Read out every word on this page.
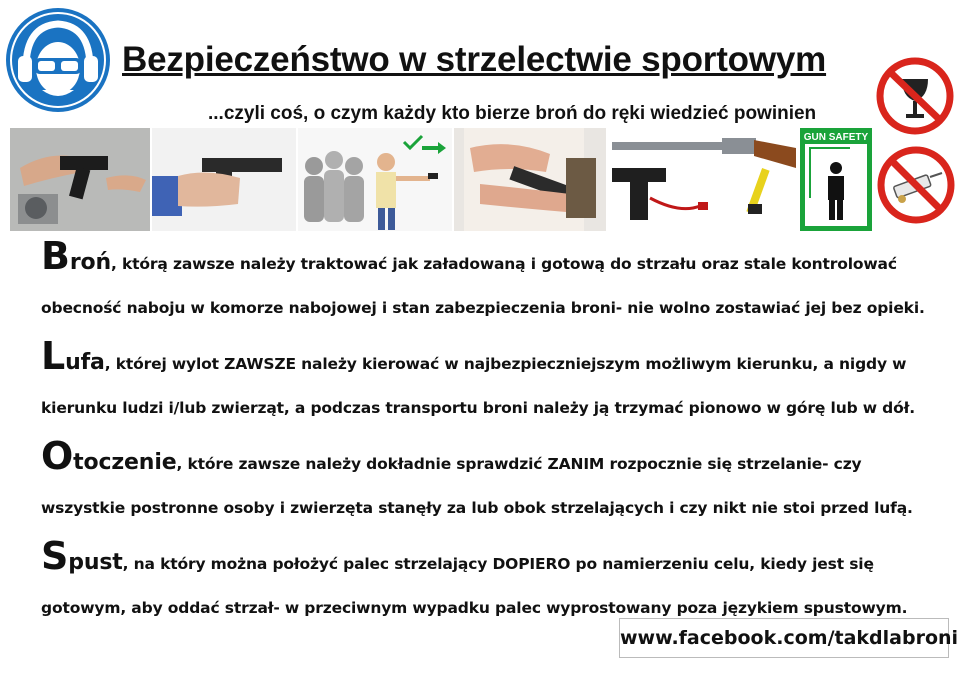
Bezpieczeństwo w strzelectwie sportowym
...czyli coś, o czym każdy kto bierze broń do ręki wiedzieć powinien
GUN SAFETY
Broń, którą zawsze należy traktować jak załadowaną i gotową do strzału oraz stale kontrolować
obecność naboju w komorze nabojowej i stan zabezpieczenia broni- nie wolno zostawiać jej bez opieki.
Lufa, której wylot ZAWSZE należy kierować w najbezpieczniejszym możliwym kierunku, a nigdy w
kierunku ludzi i/lub zwierząt, a podczas transportu broni należy ją trzymać pionowo w górę lub w dół.
Otoczenie, które zawsze należy dokładnie sprawdzić ZANIM rozpocznie się strzelanie- czy
wszystkie postronne osoby i zwierzęta stanęły za lub obok strzelających i czy nikt nie stoi przed lufą.
Spust, na który można położyć palec strzelający DOPIERO po namierzeniu celu, kiedy jest się
gotowym, aby oddać strzał- w przeciwnym wypadku palec wyprostowany poza językiem spustowym.
www.facebook.com/takdlabroni
